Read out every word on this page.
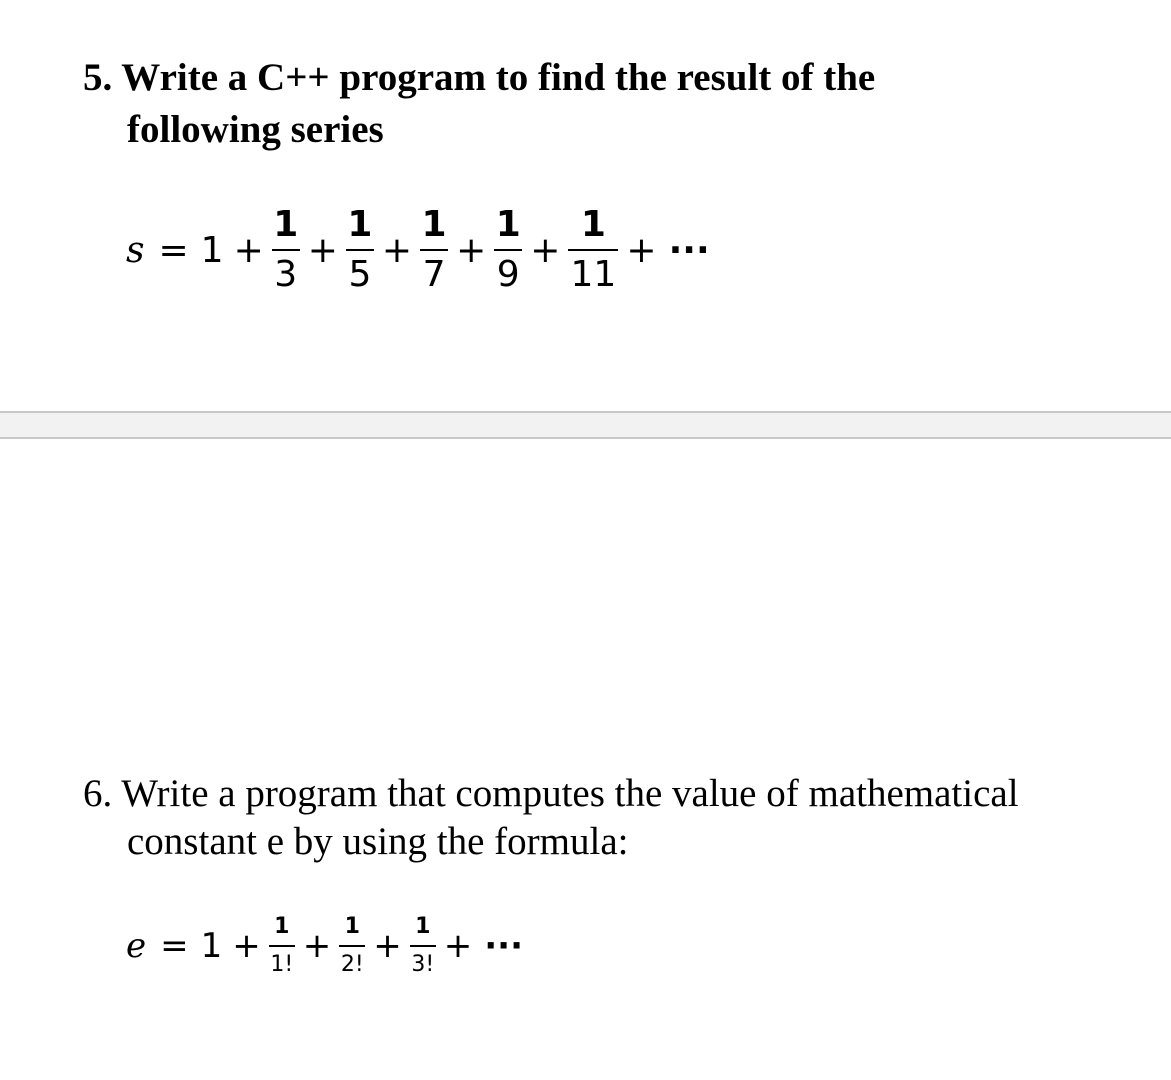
5. Write a C++ program to find the result of the
following series
$s = 1 + \frac{1}{3} + \frac{1}{5} + \frac{1}{7} + \frac{1}{9} + \frac{1}{11}$ + ···
6. Write a program that computes the value of mathematical
constant e by using the formula:
$e = 1 + \frac{1}{1!} + \frac{1}{2!} + \frac{1}{3!}$ + ···
